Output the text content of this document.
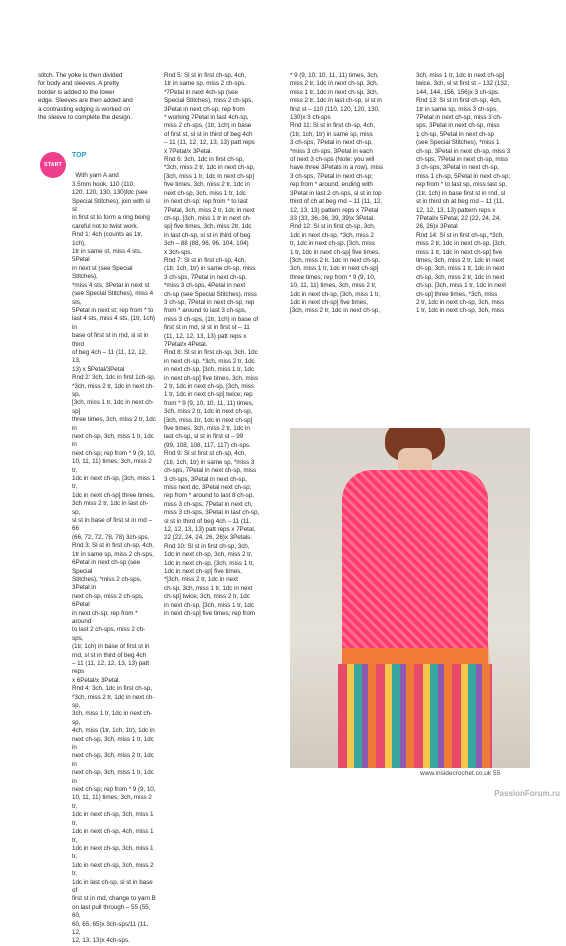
stitch. The yoke is then divided
for body and sleeves. A pretty
border is added to the lower
edge. Sleeves are then added and
a contrasting edging is worked on
the sleeve to complete the design.
START
TOP

With yarn A and
3.5mm hook, 110 (110,
120, 120, 130, 130)fdc (see
Special Stitches), join with sl st
in first st to form a ring being
careful not to twist work.
Rnd 1: 4ch (counts as 1tr, 1ch),
1tr in same st, miss 4 sts, 5Petal
in next st (see Special Stitches),
*miss 4 sts, 3Petal in next st
(see Special Stitches), miss 4 sts,
5Petal in next st; rep from * to
last 4 sts, miss 4 sts, (1tr, 1ch) in
base of first st in rnd, sl st in third
of beg 4ch – 11 (11, 12, 12, 13,
13) x 5Petal/3Petal
Rnd 2: 3ch, 1dc in first 1ch-sp,
*3ch, miss 2 tr, 1dc in next ch-sp,
[3ch, miss 1 tr, 1dc in next ch-sp]
three times, 3ch, miss 2 tr, 1dc in
next ch-sp, 3ch, miss 1 tr, 1dc in
next ch-sp; rep from * 9 (9, 10,
10, 11, 11) times, 3ch, miss 2 tr,
1dc in next ch-sp, [3ch, miss 1 tr,
1dc in next ch-sp] three times,
3ch miss 2 tr, 1dc in last ch-sp,
sl st in base of first st in rnd – 66
(66, 72, 72, 78, 78) 3ch-sps.
Rnd 3: Sl st in first ch-sp, 4ch,
1tr in same sp, miss 2 ch-sps,
6Petal in next ch-sp (see Special
Stitches), *miss 2 ch-sps, 3Petal in
next ch-sp, miss 2 ch-sps, 6Petal
in next ch-sp; rep from * around
to last 2 ch-sps, miss 2 ch-sps,
(1tr, 1ch) in base of first st in
rnd, sl st in third of beg 4ch
– 11 (11, 12, 12, 13, 13) patt reps
x 6Petal/x 3Petal.
Rnd 4: 3ch, 1dc in first ch-sp,
*3ch, miss 2 tr, 1dc in next ch-sp,
3ch, miss 1 tr, 1dc in next ch-sp,
4ch, miss (1tr, 1ch, 1tr), 1dc in
next ch-sp, 3ch, miss 1 tr, 1dc in
next ch-sp, 3ch, miss 2 tr, 1dc in
next ch-sp, 3ch, miss 1 tr, 1dc in
next ch-sp; rep from * 9 (9, 10,
10, 11, 11) times, 3ch, miss 2 tr,
1dc in next ch-sp, 3ch, miss 1 tr,
1dc in next ch-sp, 4ch, miss 1 tr,
1dc in next ch-sp, 3ch, miss 1 tr,
1dc in next ch-sp, 3ch, miss 2 tr,
1dc in last ch-sp, sl st in base of
first st in rnd, change to yarn B
on last pull through – 55 (55, 60,
60, 65, 65)x 3ch-sps/11 (11, 12,
12, 13, 13)x 4ch-sps.

Rnd 5: Sl st in first ch-sp, 4ch,
1tr in same sp, miss 2 ch-sps,
*7Petal in next 4ch-sp (see
Special Stitches), miss 2 ch-sps,
3Petal in next ch-sp; rep from
* working 7Petal in last 4ch-sp,
miss 2 ch-sps, (1tr, 1ch) in base
of first st, sl st in third of beg 4ch
– 11 (11, 12, 12, 13, 13) patt reps
x 7Petal/x 3Petal.
Rnd 6: 3ch, 1dc in first ch-sp,
*3ch, miss 2 tr, 1dc in next ch-sp,
[3ch, miss 1 tr, 1dc in next ch-sp]
five times, 3ch, miss 2 tr, 1dc in
next ch-sp, 3ch, miss 1 tr, 1dc
in next ch-sp; rep from * to last
7Petal, 3ch, miss 2 tr, 1dc in next
ch-sp, [3ch, miss 1 tr in next ch-
sp] five times, 3ch, miss 2tr, 1dc
in last ch-sp, sl st in third of beg
3ch – 88 (88, 96, 96, 104, 104)
x 3ch-sps.
Rnd 7: Sl st in first ch-sp, 4ch,
(1tr, 1ch, 1tr) in same ch-sp, miss
3 ch-sps, 7Petal in next ch-sp,
*miss 3 ch-sps, 4Petal in next
ch-sp (see Special Stitches), miss
3 ch-sp, 7Petal in next ch-sp; rep
from * around to last 3 ch-sps,
miss 3 ch-sps, (1tr, 1ch) in base of
first st in rnd, sl st in first st – 11
(11, 12, 12, 13, 13) patt reps x
7Petal/x 4Petal.
Rnd 8: Sl st in first ch-sp, 3ch, 1dc
in next ch-sp, *3ch, miss 2 tr, 1dc
in next ch-sp, [3ch, miss 1 tr, 1dc
in next ch-sp] five times, 3ch, miss
2 tr, 1dc in next ch-sp, [3ch, miss
1 tr, 1dc in next ch-sp] twice; rep
from * 9 (9, 10, 10, 11, 11) times,
3ch, miss 2 tr, 1dc in next ch-sp,
[3ch, miss 1tr, 1dc in next ch-sp]
five times, 3ch, miss 2 tr, 1dc in
last ch-sp, sl st in first st – 99
(99, 108, 108, 117, 117) ch-sps.
Rnd 9: Sl st first st ch-sp, 4ch,
(1tr, 1ch, 1tr) in same sp, *miss 3
ch-sps, 7Petal in next ch-sp, miss
3 ch-sps, 3Petal in next ch-sp,
miss next dc, 3Petal next ch-sp;
rep from * around to last 8 ch-sp,
miss 3 ch-sps, 7Petal in next ch,
miss 3 ch-sps, 3Petal in last ch-sp,
sl st in third of beg 4ch – 11 (11,
12, 12, 13, 13) patt reps x 7Petal,
22 (22, 24, 24, 26, 26)x 3Petals.
Rnd 10: Sl st in first ch-sp, 3ch,
1dc in next ch-sp, 3ch, miss 2 tr,
1dc in next ch-sp, [3ch, miss 1 tr,
1dc in next ch-sp] five times,
*[3ch, miss 2 tr, 1dc in next
ch-sp, 3ch, miss 1 tr, 1dc in next
ch-sp] twice, 3ch, miss 2 tr, 1dc
in next ch-sp, [3ch, miss 1 tr, 1dc
in next ch-sp] five times; rep from
* 9 (9, 10, 10, 11, 11) times, 3ch,
miss 2 tr, 1dc in next ch-sp, 3ch,
miss 1 tr, 1dc in next ch-sp, 3ch,
miss 2 tr, 1dc in last ch-sp, sl st in
first st – 110 (110, 120, 120, 130,
130)x 3 ch-sps
Rnd 11: Sl st in first ch-sp, 4ch,
(1tr, 1ch, 1tr) in same sp, miss
3 ch-sps, 7Petal in next ch-sp,
*miss 3 ch-sps, 3Petal in each
of next 3 ch-sps (Note: you will
have three 3Petals in a row), miss
3 ch-sps, 7Petal in next ch-sp;
rep from * around, ending with
3Petal in last 2 ch-sps, sl st in top
third of ch at beg rnd – 11 (11, 12,
12, 13, 13) pattern reps x 7Petal
33 (33, 36, 36, 39, 39)x 3Petal.
Rnd 12: Sl st in first ch-sp, 3ch,
1dc in next ch-sp, *3ch, miss 2
tr, 1dc in next ch-sp, [3ch, miss
1 tr, 1dc in next ch-sp] five times,
[3ch, miss 2 tr, 1dc in next ch-sp,
3ch, miss 1 tr, 1dc in next ch-sp]
three times; rep from * 9 (9, 10,
10, 11, 11) times, 3ch, miss 2 tr,
1dc in next ch-sp, [3ch, miss 1 tr,
1dc in next ch-sp] five times,
[3ch, miss 2 tr, 1dc in next ch-sp,
3ch, miss 1 tr, 1dc in next ch-sp]
twice, 3ch, sl st first st – 132 (132,
144, 144, 156, 156)x 3 ch-sps.
Rnd 13: Sl st in first ch-sp, 4ch,
1tr in same sp, miss 3 ch-sps,
7Petal in next ch-sp, miss 3 ch-
sps, 3Petal in next ch-sp, miss
1 ch-sp, 5Petal in next ch-sp
(see Special Stitches), *miss 1
ch-sp, 3Petal in next ch-sp, miss 3
ch-sps, 7Petal in next ch-sp, miss
3 ch-sps, 3Petal in next ch-sp,
miss 1 ch-sp, 5Petal in next ch-sp;
rep from * to last sp, miss last sp,
(1tr, 1ch) in base first st in rnd, sl
st in third ch at beg rnd – 11 (11,
12, 12, 13, 13) pattern reps x
7Petal/x 5Petal, 22 (22, 24, 24,
26, 26)x 3Petal
Rnd 14: Sl st in first ch-sp, *3ch,
miss 2 tr, 1dc in next ch-sp, [3ch,
miss 1 tr, 1dc in next ch-sp] five
times, 3ch, miss 2 tr, 1dc in next
ch-sp, 3ch, miss 1 tr, 1dc in next
ch-sp, 3ch, miss 2 tr, 1dc in next
ch-sp, [3ch, miss 1 tr, 1dc in next
ch-sp] three times, *3ch, miss
2 tr, 1dc in next ch-sp, 3ch, miss
1 tr, 1dc in next ch-sp, 3ch, miss
www.insidecrochet.co.uk 55
PassionForum.ru
